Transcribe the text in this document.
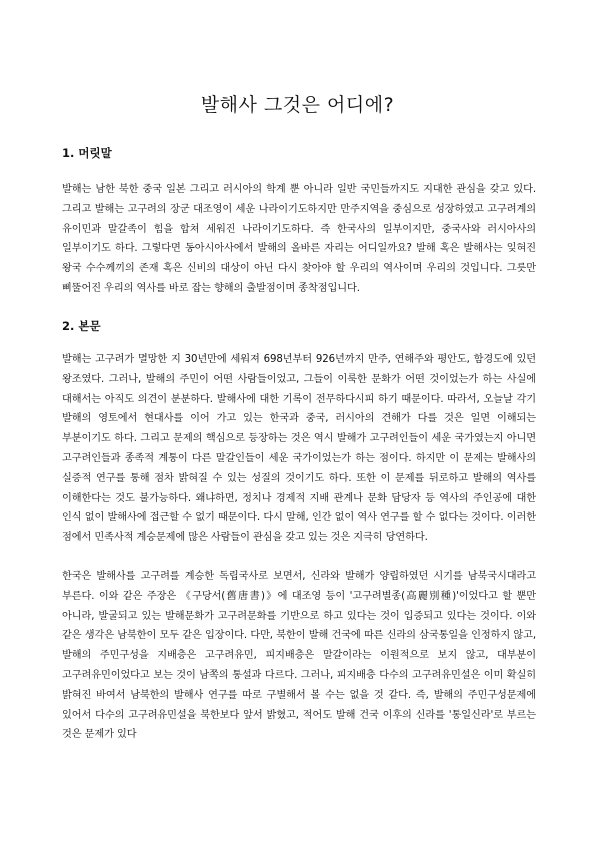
발해사 그것은 어디에?
1. 머릿말

발해는 남한 북한 중국 일본 그리고 러시아의 학계 뿐 아니라 일반 국민들까지도 지대한 관심을 갖고 있다. 그리고 발해는 고구려의 장군 대조영이 세운 나라이기도하지만 만주지역을 중심으로 성장하였고 고구려계의 유이민과 말갈족이 힘을 합쳐 세워진 나라이기도하다. 즉 한국사의 일부이지만, 중국사와 러시아사의 일부이기도 하다. 그렇다면 동아시아사에서 발해의 올바른 자리는 어디일까요? 발해 혹은 발해사는 잊혀진 왕국 수수께끼의 존재 혹은 신비의 대상이 아닌 다시 찾아야 할 우리의 역사이며 우리의 것입니다. 그릇만 삐뚤어진 우리의 역사를 바로 잡는 향해의 출발점이며 종착점입니다.

2. 본문

발해는 고구려가 멸망한 지 30년만에 세워져 698년부터 926년까지 만주, 연해주와 평안도, 함경도에 있던 왕조였다. 그러나, 발해의 주민이 어떤 사람들이었고, 그들이 이룩한 문화가 어떤 것이었는가 하는 사실에 대해서는 아직도 의견이 분분하다. 발해사에 대한 기록이 전무하다시피 하기 때문이다. 따라서, 오늘날 각기 발해의 영토에서 현대사를 이어 가고 있는 한국과 중국, 러시아의 견해가 다를 것은 일면 이해되는 부분이기도 하다. 그리고 문제의 핵심으로 등장하는 것은 역시 발해가 고구려인들이 세운 국가였는지 아니면 고구려인들과 종족적 계통이 다른 말갈인들이 세운 국가이었는가 하는 점이다. 하지만 이 문제는 발해사의 실증적 연구를 통해 점차 밝혀질 수 있는 성질의 것이기도 하다. 또한 이 문제를 뒤로하고 발해의 역사를 이해한다는 것도 불가능하다. 왜냐하면, 정치나 경제적 지배 관계나 문화 담당자 등 역사의 주인공에 대한 인식 없이 발해사에 접근할 수 없기 때문이다. 다시 말해, 인간 없이 역사 연구를 할 수 없다는 것이다. 이러한 점에서 민족사적 계승문제에 많은 사람들이 관심을 갖고 있는 것은 지극히 당연하다.

한국은 발해사를 고구려를 계승한 독립국사로 보면서, 신라와 발해가 양립하였던 시기를 남북국시대라고 부른다. 이와 같은 주장은 《구당서(舊唐書)》에 대조영 등이 '고구려별종(高麗別種)'이었다고 할 뿐만 아니라, 발굴되고 있는 발해문화가 고구려문화를 기반으로 하고 있다는 것이 입증되고 있다는 것이다. 이와 같은 생각은 남북한이 모두 같은 입장이다. 다만, 북한이 발해 건국에 따른 신라의 삼국통일을 인정하지 않고, 발해의 주민구성을 지배층은 고구려유민, 피지배층은 말갈이라는 이원적으로 보지 않고, 대부분이 고구려유민이었다고 보는 것이 남쪽의 통설과 다르다. 그러나, 피지배층 다수의 고구려유민설은 이미 확실히 밝혀진 바여서 남북한의 발해사 연구를 따로 구별해서 볼 수는 없을 것 같다. 즉, 발해의 주민구성문제에 있어서 다수의 고구려유민설을 북한보다 앞서 밝혔고, 적어도 발해 건국 이후의 신라를 '통일신라'로 부르는 것은 문제가 있다
